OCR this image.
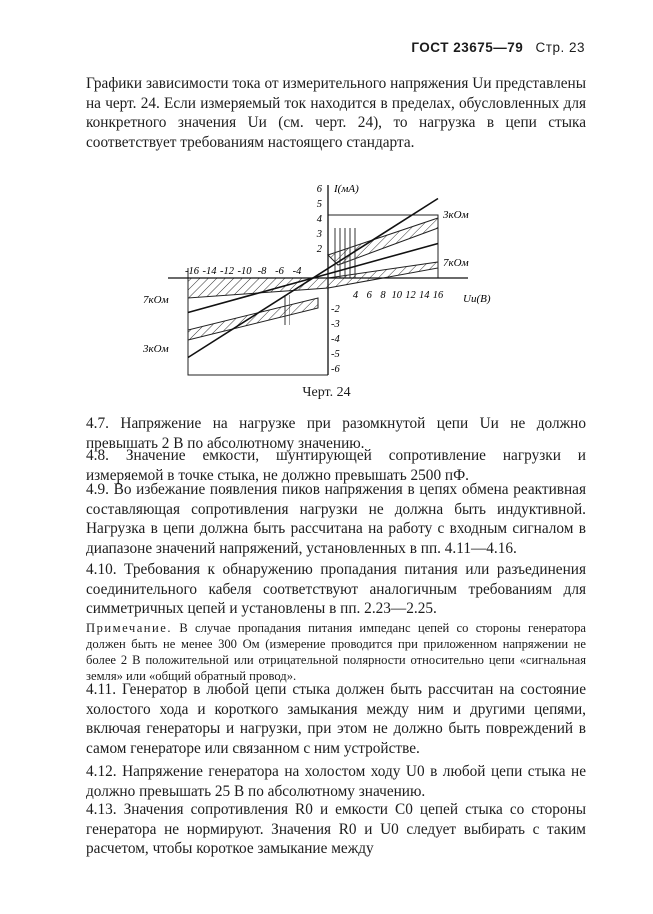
ГОСТ 23675—79 Стр. 23

Графики зависимости тока от измерительного напряжения Uи представлены на черт. 24. Если измеряемый ток находится в пределах, обусловленных для конкретного значения Uи (см. черт. 24), то нагрузка в цепи стыка соответствует требованиям настоящего стандарта.

I(мА)
Uи(В)
3кОм
7кОм
7кОм
3кОм
4 6 8 10 12 14 16
-16 -14 -12 -10 -8 -6 -4
6
5
4
3
2
-2
-3
-4
-5
-6
Черт. 24

4.7. Напряжение на нагрузке при разомкнутой цепи Uи не должно превышать 2 В по абсолютному значению.

4.8. Значение емкости, шунтирующей сопротивление нагрузки и измеряемой в точке стыка, не должно превышать 2500 пФ.

4.9. Во избежание появления пиков напряжения в цепях обмена реактивная составляющая сопротивления нагрузки не должна быть индуктивной. Нагрузка в цепи должна быть рассчитана на работу с входным сигналом в диапазоне значений напряжений, установленных в пп. 4.11—4.16.

4.10. Требования к обнаружению пропадания питания или разъединения соединительного кабеля соответствуют аналогичным требованиям для симметричных цепей и установлены в пп. 2.23—2.25.

Примечание. В случае пропадания питания импеданс цепей со стороны генератора должен быть не менее 300 Ом (измерение проводится при приложенном напряжении не более 2 В положительной или отрицательной полярности относительно цепи «сигнальная земля» или «общий обратный провод».

4.11. Генератор в любой цепи стыка должен быть рассчитан на состояние холостого хода и короткого замыкания между ним и другими цепями, включая генераторы и нагрузки, при этом не должно быть повреждений в самом генераторе или связанном с ним устройстве.

4.12. Напряжение генератора на холостом ходу U0 в любой цепи стыка не должно превышать 25 В по абсолютному значению.

4.13. Значения сопротивления R0 и емкости C0 цепей стыка со стороны генератора не нормируют. Значения R0 и U0 следует выбирать с таким расчетом, чтобы короткое замыкание между
